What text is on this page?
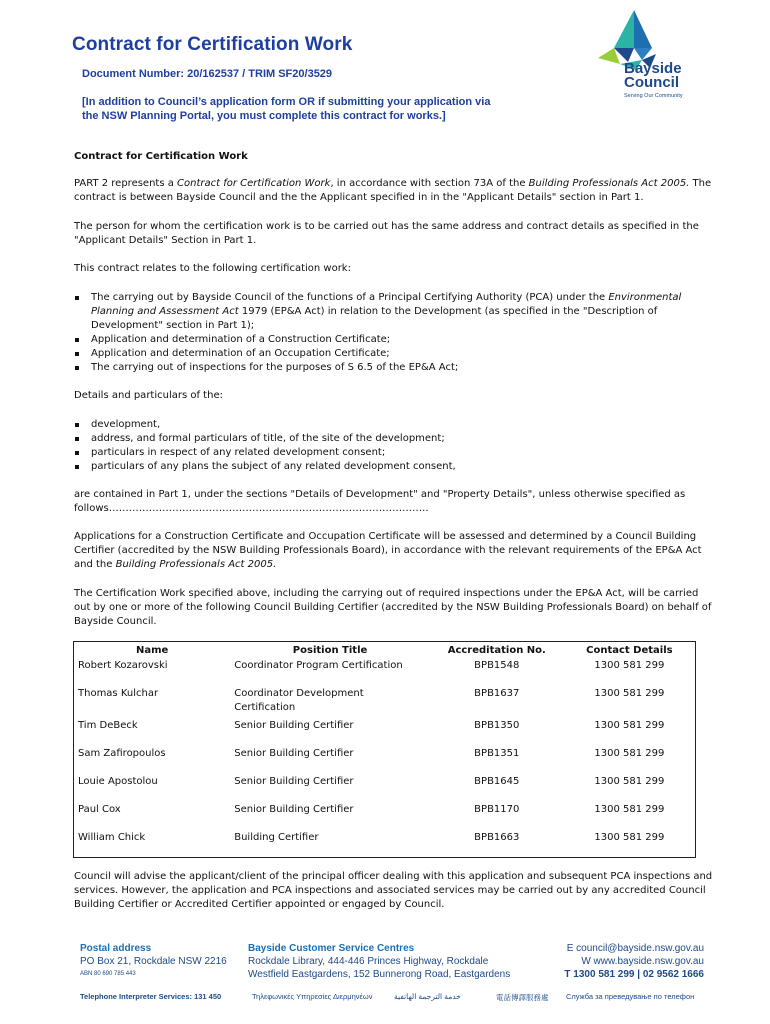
Contract for Certification Work
Document Number: 20/162537 / TRIM SF20/3529
[In addition to Council’s application form OR if submitting your application via
the NSW Planning Portal, you must complete this contract for works.]
Bayside
Council
Serving Our Community

Contract for Certification Work

PART 2 represents a Contract for Certification Work, in accordance with section 73A of the Building Professionals Act 2005. The contract is between Bayside Council and the the Applicant specified in in the "Applicant Details" section in Part 1.

The person for whom the certification work is to be carried out has the same address and contract details as specified in the "Applicant Details" Section in Part 1.

This contract relates to the following certification work:

The carrying out by Bayside Council of the functions of a Principal Certifying Authority (PCA) under the Environmental Planning and Assessment Act 1979 (EP&A Act) in relation to the Development (as specified in the "Description of Development" section in Part 1);
Application and determination of a Construction Certificate;
Application and determination of an Occupation Certificate;
The carrying out of inspections for the purposes of S 6.5 of the EP&A Act;

Details and particulars of the:

development,
address, and formal particulars of title, of the site of the development;
particulars in respect of any related development consent;
particulars of any plans the subject of any related development consent,

are contained in Part 1, under the sections "Details of Development" and "Property Details", unless otherwise specified as follows……………………………………………………………………………………

Applications for a Construction Certificate and Occupation Certificate will be assessed and determined by a Council Building Certifier (accredited by the NSW Building Professionals Board), in accordance with the relevant requirements of the EP&A Act and the Building Professionals Act 2005.

The Certification Work specified above, including the carrying out of required inspections under the EP&A Act, will be carried out by one or more of the following Council Building Certifier (accredited by the NSW Building Professionals Board) on behalf of Bayside Council.

Name	Position Title	Accreditation No.	Contact Details
Robert Kozarovski	Coordinator Program Certification	BPB1548	1300 581 299
Thomas Kulchar	Coordinator Development Certification	BPB1637	1300 581 299
Tim DeBeck	Senior Building Certifier	BPB1350	1300 581 299
Sam Zafiropoulos	Senior Building Certifier	BPB1351	1300 581 299
Louie Apostolou	Senior Building Certifier	BPB1645	1300 581 299
Paul Cox	Senior Building Certifier	BPB1170	1300 581 299
William Chick	Building Certifier	BPB1663	1300 581 299

Council will advise the applicant/client of the principal officer dealing with this application and subsequent PCA inspections and services. However, the application and PCA inspections and associated services may be carried out by any accredited Council Building Certifier or Accredited Certifier appointed or engaged by Council.

Postal address
PO Box 21, Rockdale NSW 2216
ABN 80 690 785 443
Bayside Customer Service Centres
Rockdale Library, 444-446 Princes Highway, Rockdale
Westfield Eastgardens, 152 Bunnerong Road, Eastgardens
E council@bayside.nsw.gov.au
W www.bayside.nsw.gov.au
T 1300 581 299 | 02 9562 1666
Telephone Interpreter Services: 131 450	Τηλεφωνικές Υπηρεσίες Διερμηνέων	خدمة الترجمة الهاتفية	電話傳譯服務處 Служба за преведување по телефон
